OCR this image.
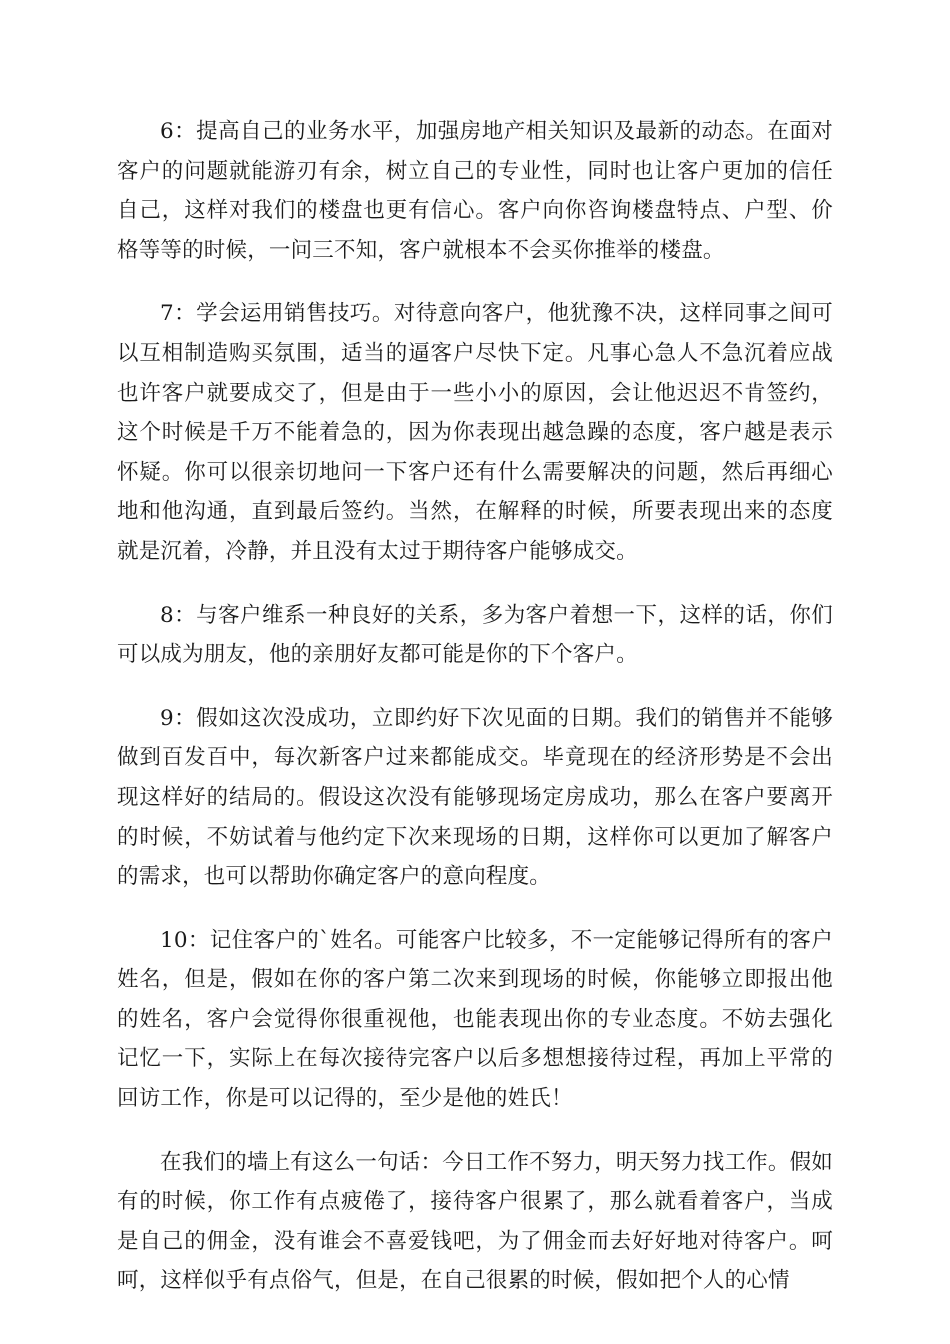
6：提高自己的业务水平，加强房地产相关知识及最新的动态。在面对客户的问题就能游刃有余，树立自己的专业性，同时也让客户更加的信任自己，这样对我们的楼盘也更有信心。客户向你咨询楼盘特点、户型、价格等等的时候，一问三不知，客户就根本不会买你推举的楼盘。

7：学会运用销售技巧。对待意向客户，他犹豫不决，这样同事之间可以互相制造购买氛围，适当的逼客户尽快下定。凡事心急人不急沉着应战也许客户就要成交了，但是由于一些小小的原因，会让他迟迟不肯签约，这个时候是千万不能着急的，因为你表现出越急躁的态度，客户越是表示怀疑。你可以很亲切地问一下客户还有什么需要解决的问题，然后再细心地和他沟通，直到最后签约。当然，在解释的时候，所要表现出来的态度就是沉着，冷静，并且没有太过于期待客户能够成交。

8：与客户维系一种良好的关系，多为客户着想一下，这样的话，你们可以成为朋友，他的亲朋好友都可能是你的下个客户。

9：假如这次没成功，立即约好下次见面的日期。我们的销售并不能够做到百发百中，每次新客户过来都能成交。毕竟现在的经济形势是不会出现这样好的结局的。假设这次没有能够现场定房成功，那么在客户要离开的时候，不妨试着与他约定下次来现场的日期，这样你可以更加了解客户的需求，也可以帮助你确定客户的意向程度。

10：记住客户的`姓名。可能客户比较多，不一定能够记得所有的客户姓名，但是，假如在你的客户第二次来到现场的时候，你能够立即报出他的姓名，客户会觉得你很重视他，也能表现出你的专业态度。不妨去强化记忆一下，实际上在每次接待完客户以后多想想接待过程，再加上平常的回访工作，你是可以记得的，至少是他的姓氏！

在我们的墙上有这么一句话：今日工作不努力，明天努力找工作。假如有的时候，你工作有点疲倦了，接待客户很累了，那么就看着客户，当成是自己的佣金，没有谁会不喜爱钱吧，为了佣金而去好好地对待客户。呵呵，这样似乎有点俗气，但是，在自己很累的时候，假如把个人的心情
